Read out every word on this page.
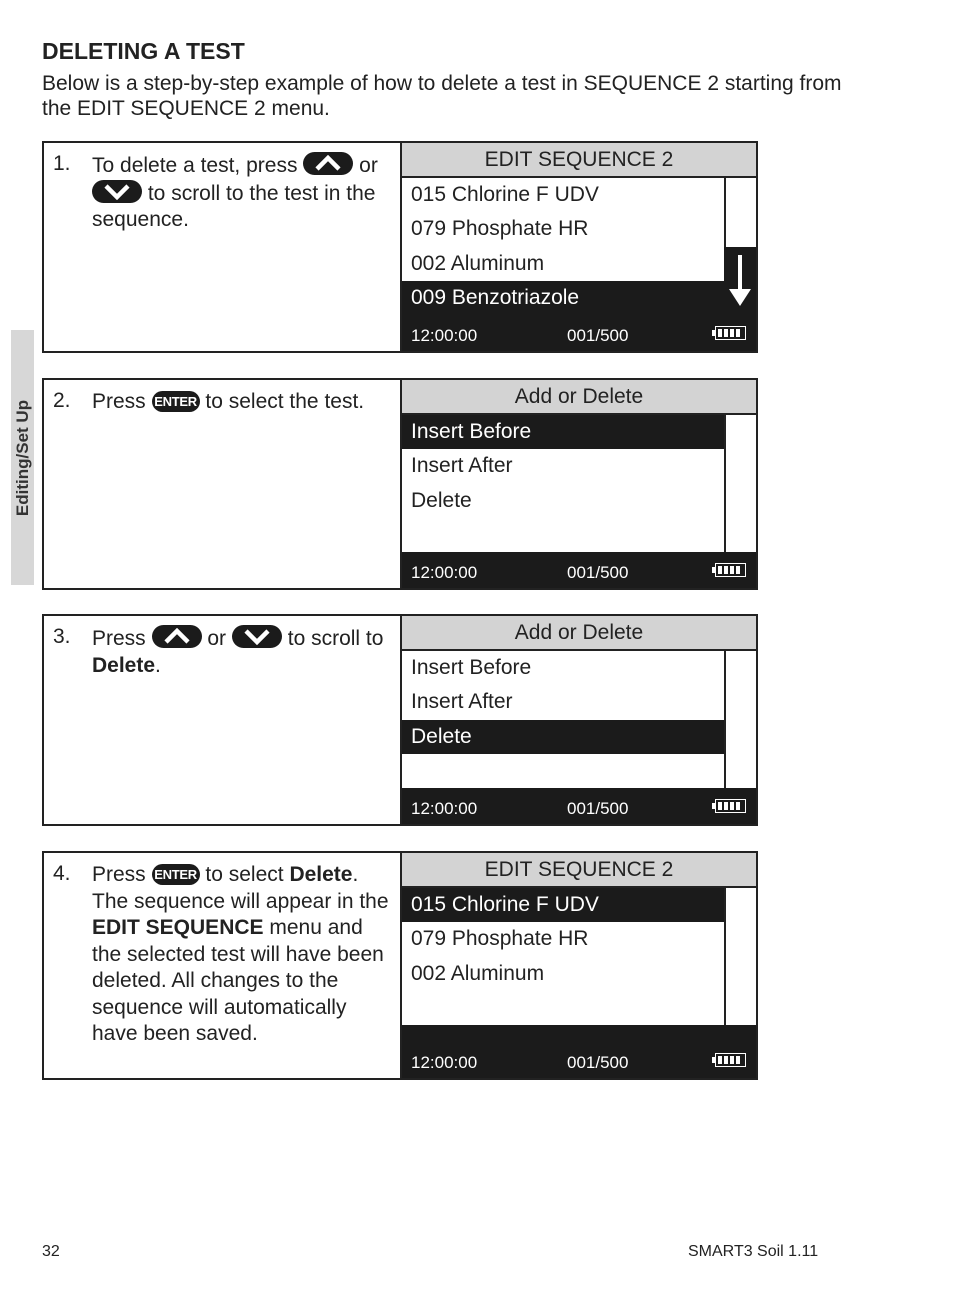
DELETING A TEST

Below is a step-by-step example of how to delete a test in SEQUENCE 2 starting from the EDIT SEQUENCE 2 menu.

Editing/Set Up
1. To delete a test, press	or
to scroll to the test in the sequence.
EDIT SEQUENCE 2
015 Chlorine F UDV
079 Phosphate HR
002 Aluminum
009 Benzotriazole
12:00:00	001/500
2. Press ENTER to select the test.	Add or Delete
Insert Before
Insert After
Delete
12:00:00	001/500
3. Press	or	to scroll to Delete.
Add or Delete
Insert Before
Insert After
Delete
12:00:00	001/500
4. Press ENTER to select Delete. The sequence will appear in the EDIT SEQUENCE menu and the selected test will have been deleted. All changes to the sequence will automatically have been saved.
EDIT SEQUENCE 2
015 Chlorine F UDV
079 Phosphate HR
002 Aluminum
12:00:00	001/500
32	SMART3 Soil 1.11
